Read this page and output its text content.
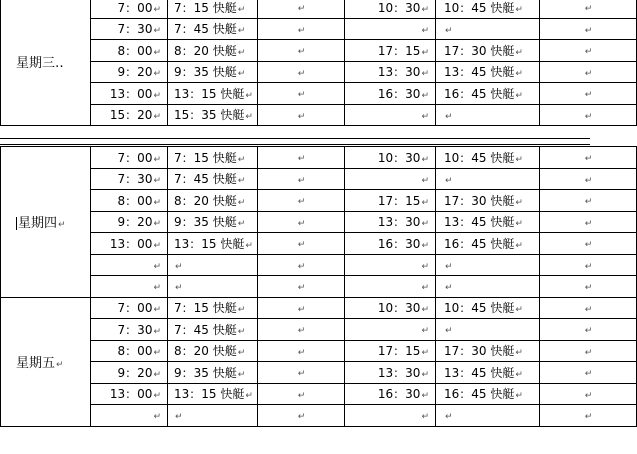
星期三‥	7：00↵	7：15 快艇↵	↵	10：30↵	10：45 快艇↵	↵
	7：30↵	7：45 快艇↵	↵	↵	↵	↵
	8：00↵	8：20 快艇↵	↵	17：15↵	17：30 快艇↵	↵
	9：20↵	9：35 快艇↵	↵	13：30↵	13：45 快艇↵	↵
	13：00↵	13：15 快艇↵	↵	16：30↵	16：45 快艇↵	↵
	15：20↵	15：35 快艇↵	↵	↵	↵	↵
星期四↵	7：00↵	7：15 快艇↵	↵	10：30↵	10：45 快艇↵	↵
	7：30↵	7：45 快艇↵	↵	↵	↵	↵
	8：00↵	8：20 快艇↵	↵	17：15↵	17：30 快艇↵	↵
	9：20↵	9：35 快艇↵	↵	13：30↵	13：45 快艇↵	↵
	13：00↵	13：15 快艇↵	↵	16：30↵	16：45 快艇↵	↵
	↵	↵	↵	↵	↵	↵
	↵	↵	↵	↵	↵	↵
星期五↵	7：00↵	7：15 快艇↵	↵	10：30↵	10：45 快艇↵	↵
	7：30↵	7：45 快艇↵	↵	↵	↵	↵
	8：00↵	8：20 快艇↵	↵	17：15↵	17：30 快艇↵	↵
	9：20↵	9：35 快艇↵	↵	13：30↵	13：45 快艇↵	↵
	13：00↵	13：15 快艇↵	↵	16：30↵	16：45 快艇↵	↵
	↵	↵	↵	↵	↵	↵
